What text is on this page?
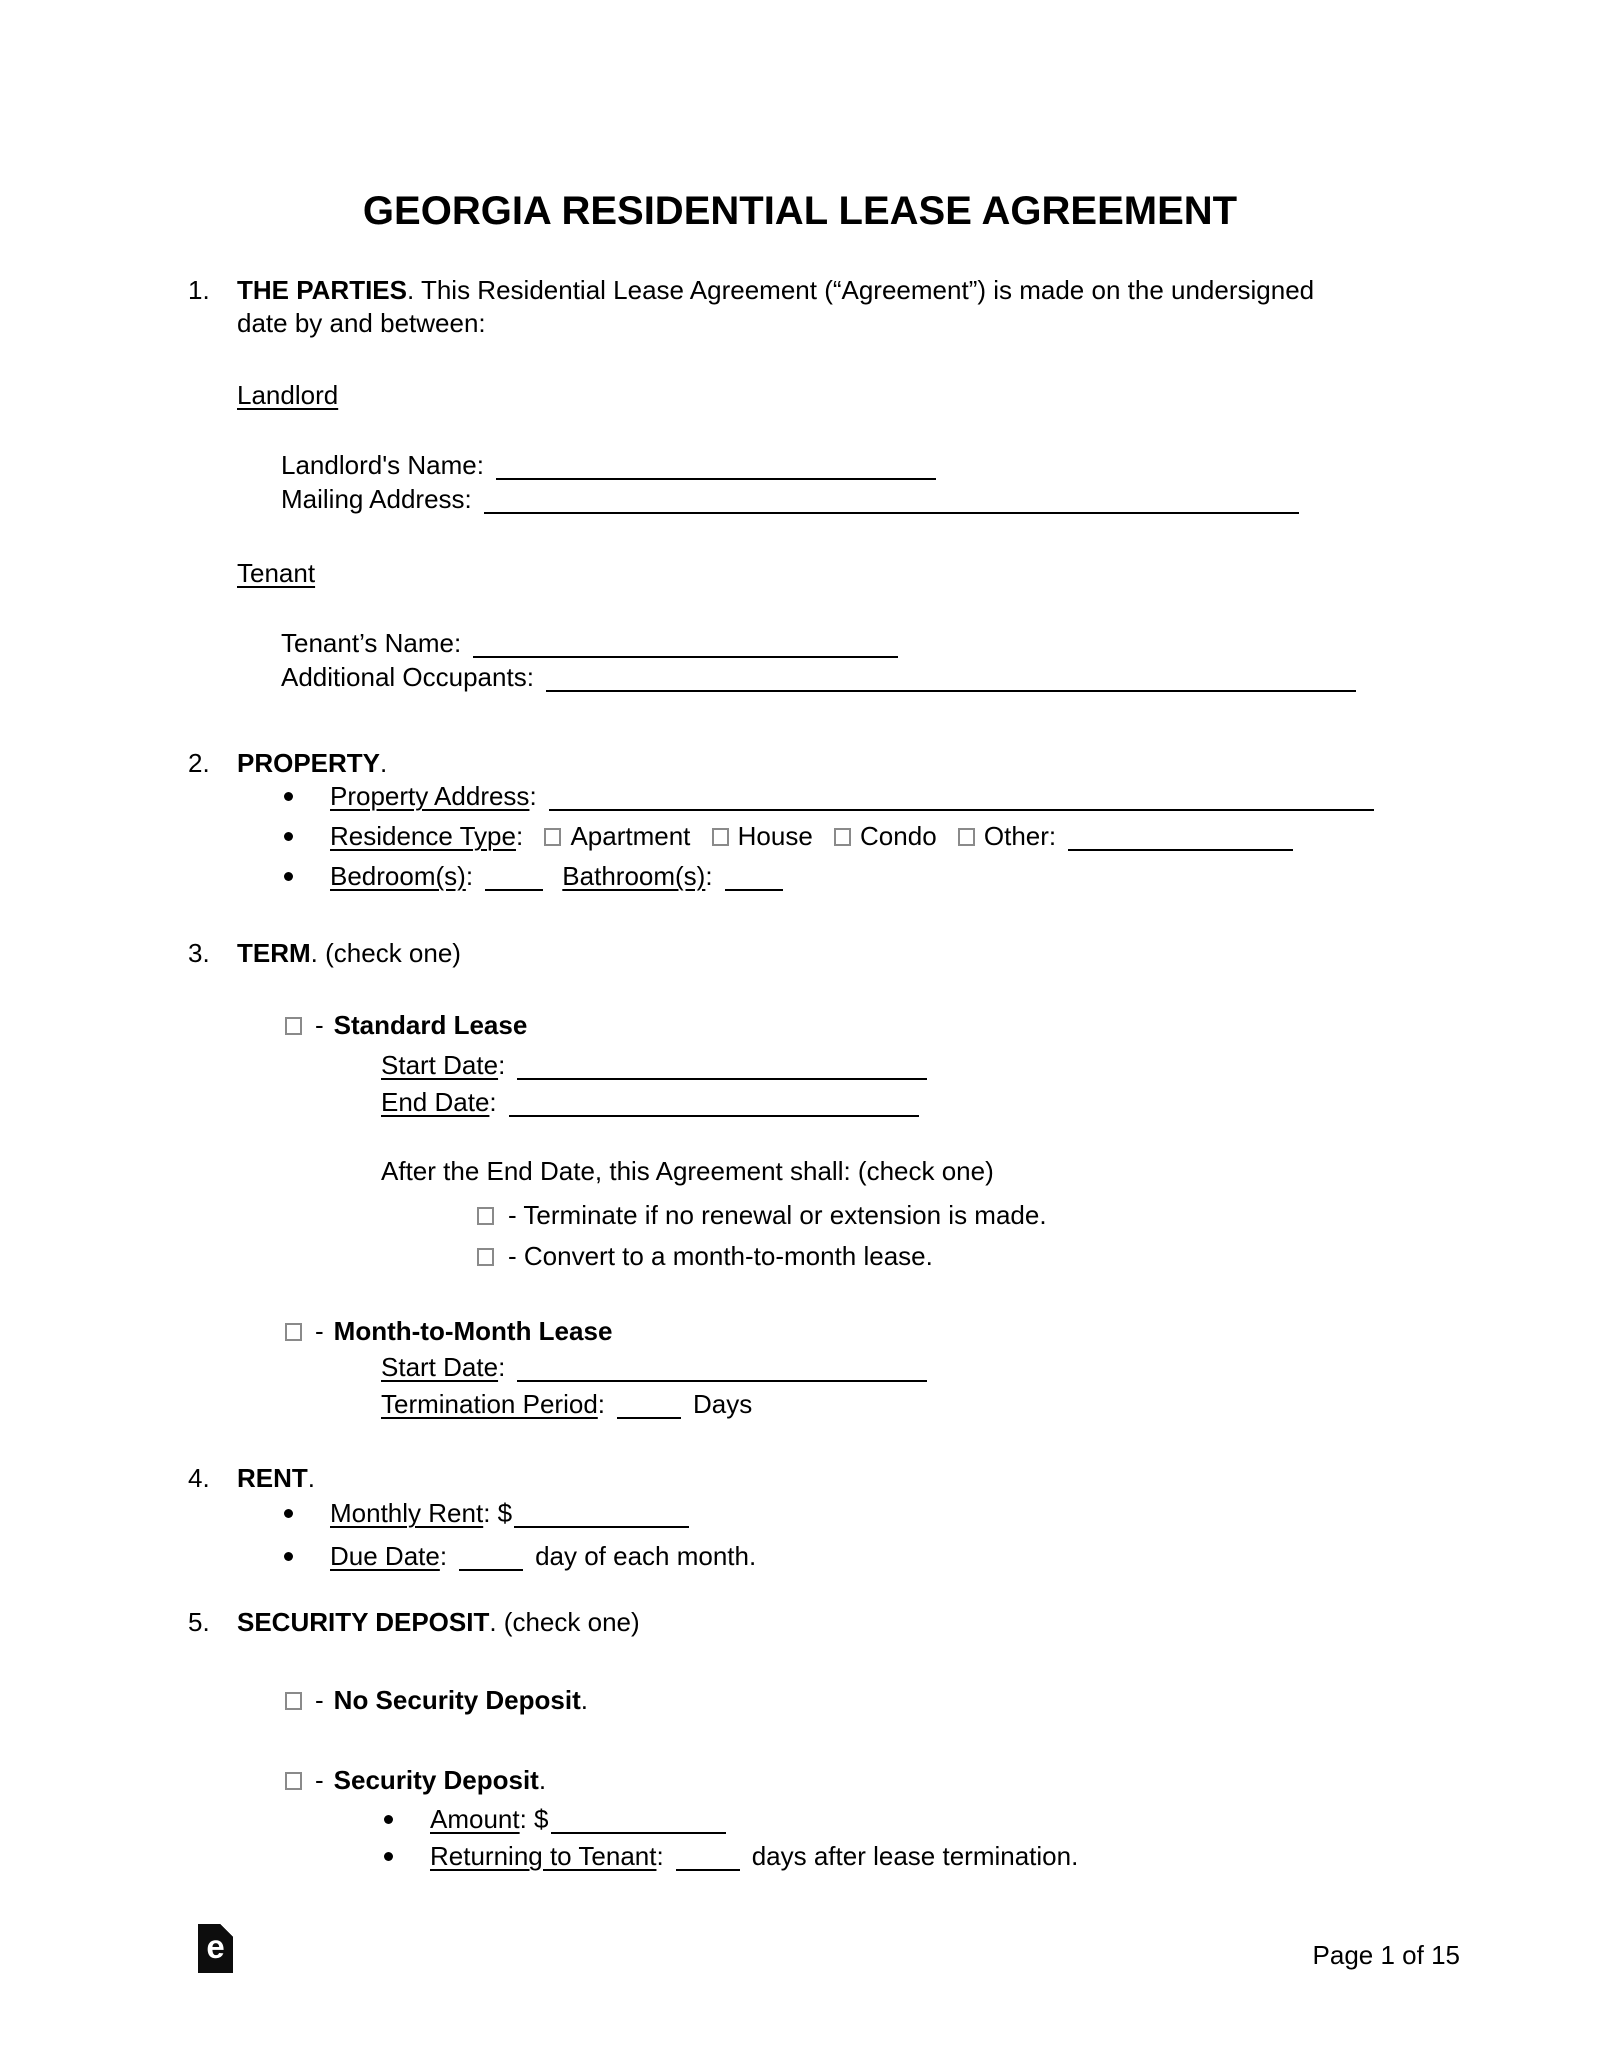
GEORGIA RESIDENTIAL LEASE AGREEMENT
1.	THE PARTIES. This Residential Lease Agreement (“Agreement”) is made on the undersigned date by and between:
Landlord
Landlord's Name:
Mailing Address:
Tenant
Tenant’s Name:
Additional Occupants:
2.	PROPERTY.
Property Address:
Residence Type: Apartment House Condo Other:
Bedroom(s):	Bathroom(s):
3.	TERM. (check one)
- Standard Lease
Start Date:
End Date:
After the End Date, this Agreement shall: (check one)
- Terminate if no renewal or extension is made.
- Convert to a month-to-month lease.
- Month-to-Month Lease
Start Date:
Termination Period:	Days
4.	RENT.
Monthly Rent: $
Due Date:	day of each month.
5.	SECURITY DEPOSIT. (check one)
- No Security Deposit.
- Security Deposit.
Amount: $
Returning to Tenant:	days after lease termination.
e	Page 1 of 15
